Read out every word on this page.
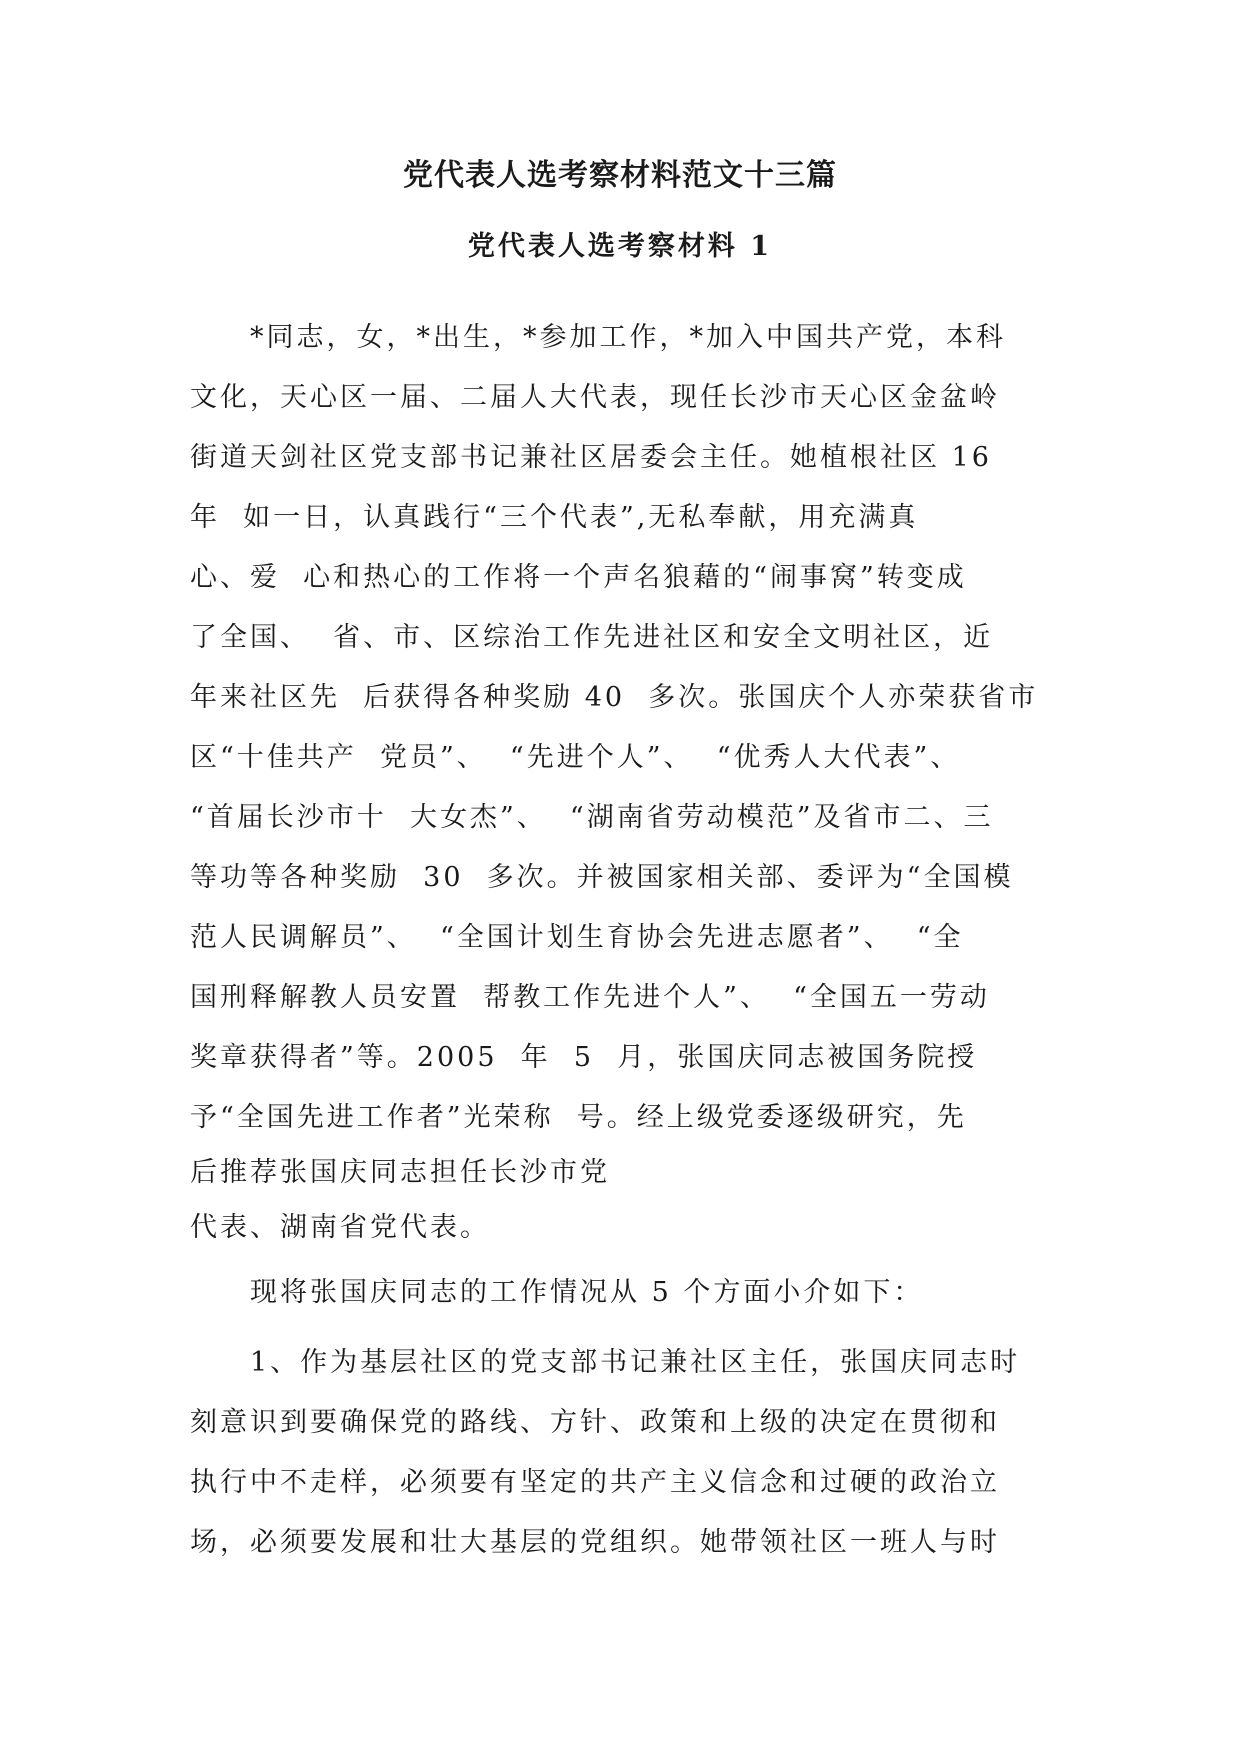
党代表人选考察材料范文十三篇
党代表人选考察材料 1

　　*同志，女，*出生，*参加工作，*加入中国共产党，本科

文化，天心区一届、二届人大代表，现任长沙市天心区金盆岭

街道天剑社区党支部书记兼社区居委会主任。她植根社区 16

年  如一日，认真践行“三个代表”,无私奉献，用充满真

心、爱  心和热心的工作将一个声名狼藉的“闹事窝”转变成

了全国、  省、市、区综治工作先进社区和安全文明社区，近

年来社区先  后获得各种奖励 40  多次。张国庆个人亦荣获省市

区“十佳共产  党员”、  “先进个人”、  “优秀人大代表”、

“首届长沙市十  大女杰”、  “湖南省劳动模范”及省市二、三

等功等各种奖励  30  多次。并被国家相关部、委评为“全国模

范人民调解员”、  “全国计划生育协会先进志愿者”、  “全

国刑释解教人员安置  帮教工作先进个人”、  “全国五一劳动

奖章获得者”等。2005  年  5  月，张国庆同志被国务院授

予“全国先进工作者”光荣称  号。经上级党委逐级研究，先

后推荐张国庆同志担任长沙市党

代表、湖南省党代表。

　　现将张国庆同志的工作情况从 5 个方面小介如下：

　　1、作为基层社区的党支部书记兼社区主任，张国庆同志时

刻意识到要确保党的路线、方针、政策和上级的决定在贯彻和

执行中不走样，必须要有坚定的共产主义信念和过硬的政治立

场，必须要发展和壮大基层的党组织。她带领社区一班人与时
